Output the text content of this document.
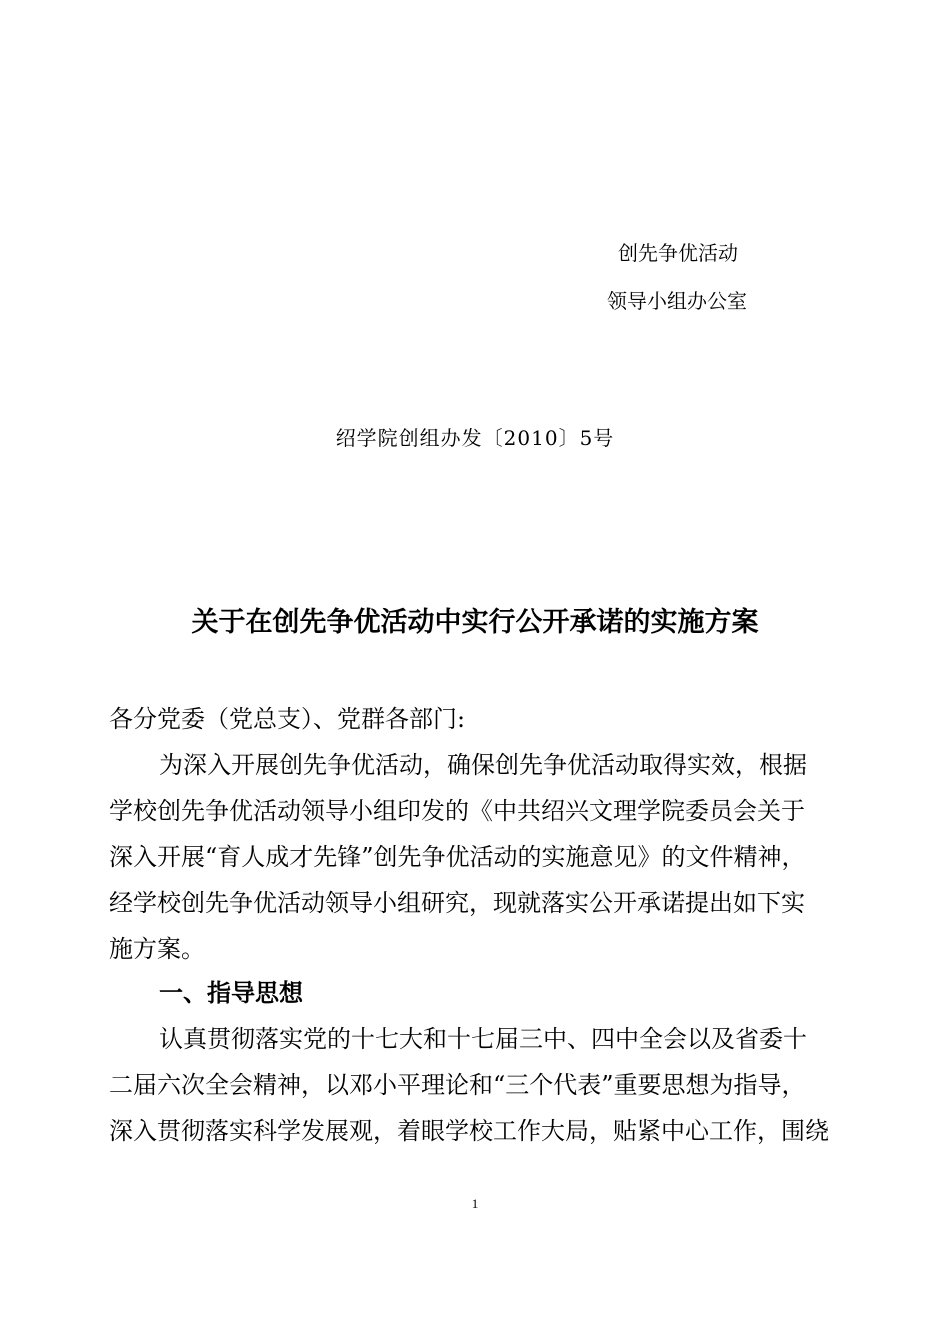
创先争优活动
领导小组办公室
绍学院创组办发〔2010〕5号
关于在创先争优活动中实行公开承诺的实施方案
各分党委（党总支）、党群各部门:
为深入开展创先争优活动，确保创先争优活动取得实效，根据
学校创先争优活动领导小组印发的《中共绍兴文理学院委员会关于
深入开展“育人成才先锋”创先争优活动的实施意见》的文件精神，
经学校创先争优活动领导小组研究，现就落实公开承诺提出如下实
施方案。
一、指导思想
认真贯彻落实党的十七大和十七届三中、四中全会以及省委十
二届六次全会精神，以邓小平理论和“三个代表”重要思想为指导，
深入贯彻落实科学发展观，着眼学校工作大局，贴紧中心工作，围绕
1
